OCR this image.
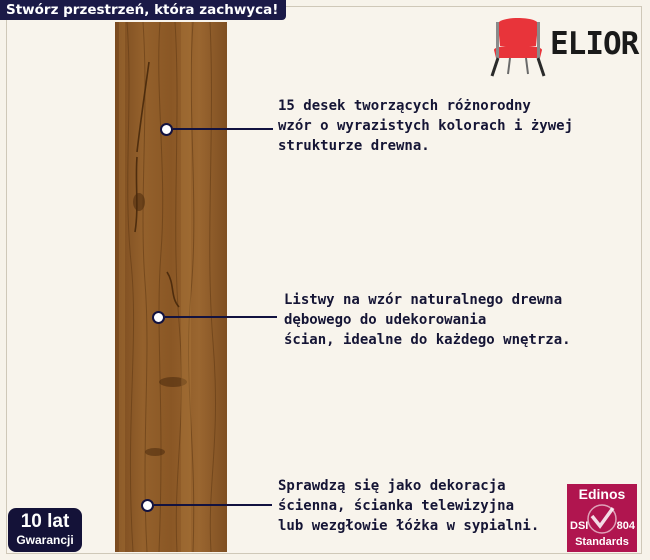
Stwórz przestrzeń, która zachwyca!
ELIOR
15 desek tworzących różnorodny
wzór o wyrazistych kolorach i żywej
strukturze drewna.
Listwy na wzór naturalnego drewna
dębowego do udekorowania
ścian, idealne do każdego wnętrza.
Sprawdzą się jako dekoracja
ścienna, ścianka telewizyjna
lub wezgłowie łóżka w sypialni.
10 lat
Gwarancji
Edinos
DSI	804
Standards
